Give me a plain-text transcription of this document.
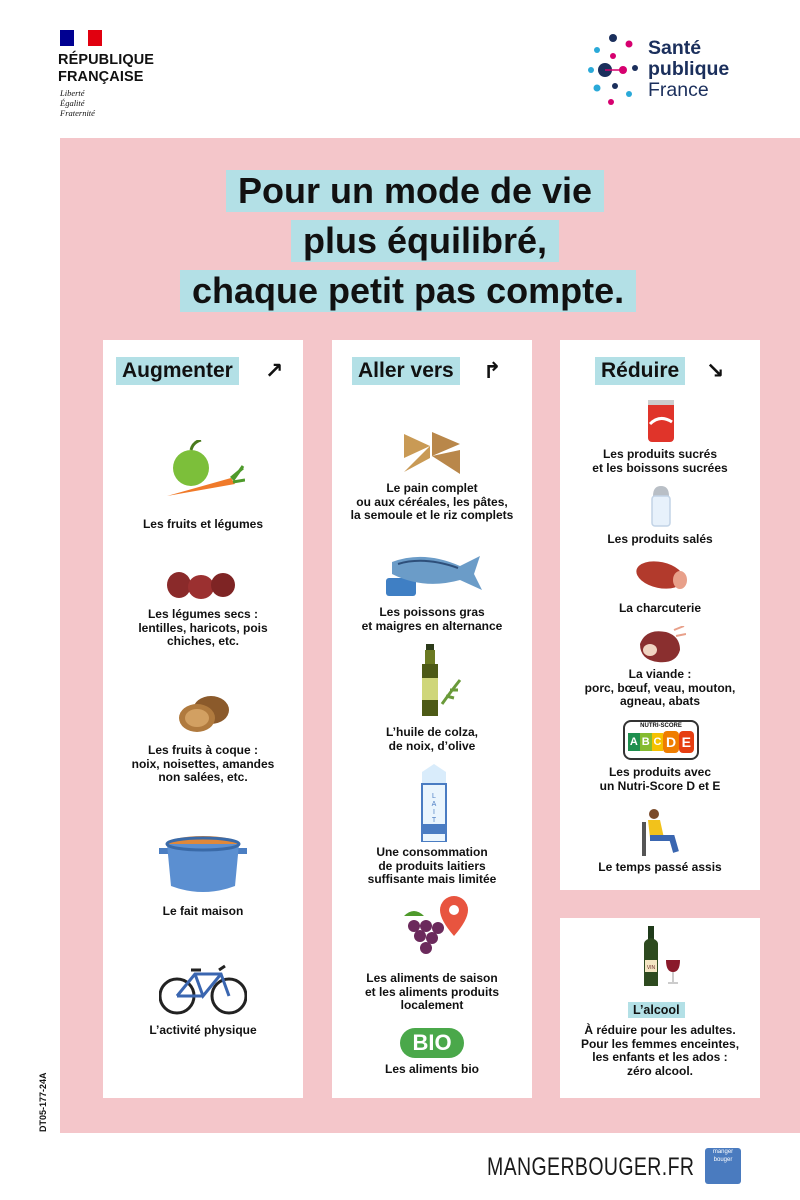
RÉPUBLIQUE
FRANÇAISE
Liberté
Égalité
Fraternité
Santé
publique
France
Pour un mode de vie
plus équilibré,
chaque petit pas compte.
Augmenter ↗
Les fruits et légumes
Les légumes secs :
lentilles, haricots, pois
chiches, etc.
Les fruits à coque :
noix, noisettes, amandes
non salées, etc.
Le fait maison
L’activité physique
Aller vers ↱
Le pain complet
ou aux céréales, les pâtes,
la semoule et le riz complets
Les poissons gras
et maigres en alternance
L’huile de colza,
de noix, d’olive
L
A
I
T
Une consommation
de produits laitiers
suffisante mais limitée
Les aliments de saison
et les aliments produits
localement
BIO
Les aliments bio
Réduire ↘
Les produits sucrés
et les boissons sucrées
Les produits salés
La charcuterie
La viande :
porc, bœuf, veau, mouton,
agneau, abats
NUTRI-SCORE
A B C D E
Les produits avec
un Nutri-Score D et E
Le temps passé assis
VIN
L’alcool
À réduire pour les adultes.
Pour les femmes enceintes,
les enfants et les ados :
zéro alcool.
DT05-177-24A
MANGERBOUGER.FR
manger bouger
